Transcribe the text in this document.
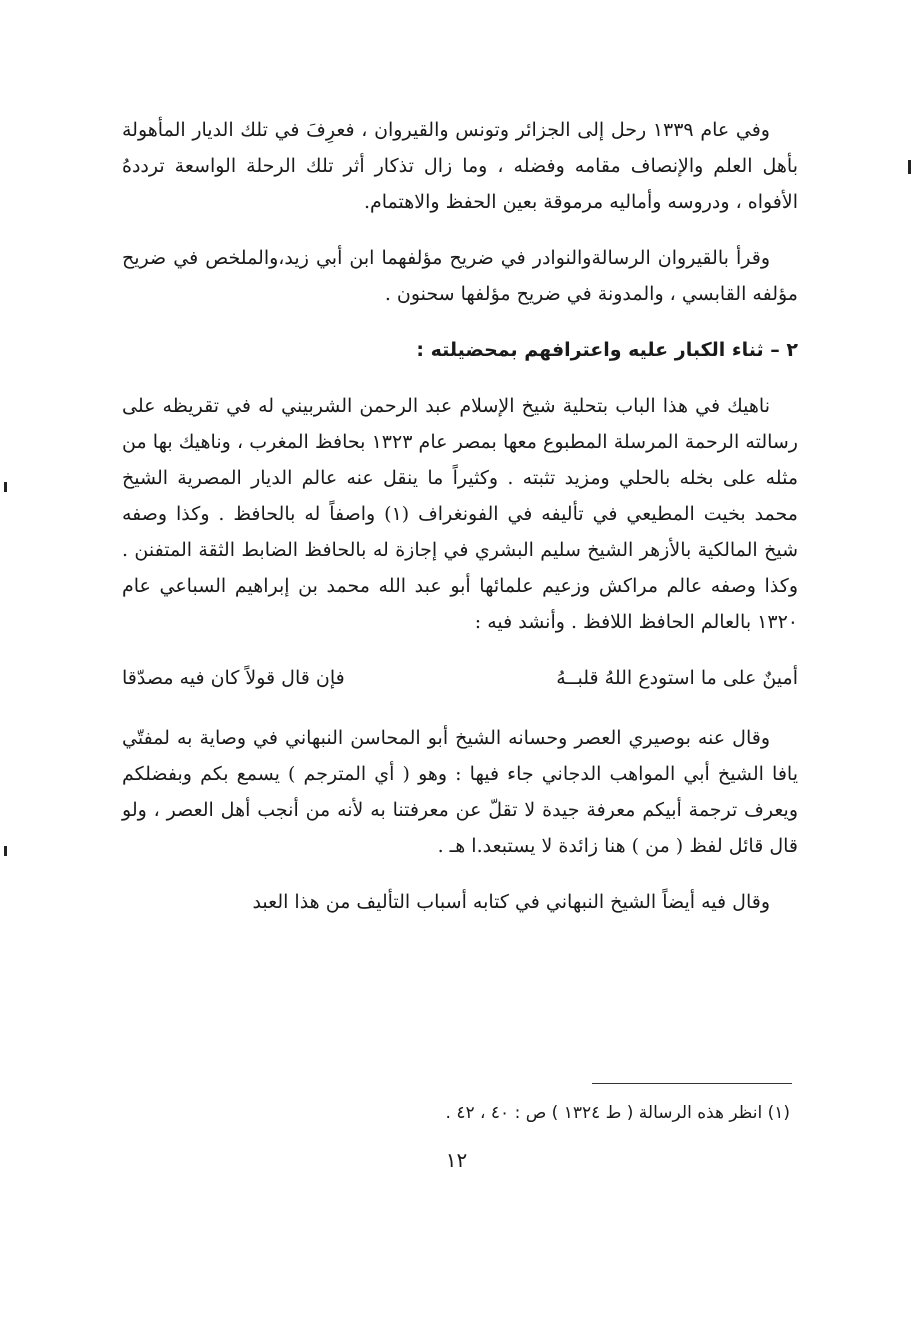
وفي عام ١٣٣٩ رحل إلى الجزائر وتونس والقيروان ، فعرِفَ في تلك الديار المأهولة بأهل العلم والإنصاف مقامه وفضله ، وما زال تذكار أثر تلك الرحلة الواسعة ترددهُ الأفواه ، ودروسه وأماليه مرموقة بعين الحفظ والاهتمام.

وقرأ بالقيروان الرسالةوالنوادر في ضريح مؤلفهما ابن أبي زيد،والملخص في ضريح مؤلفه القابسي ، والمدونة في ضريح مؤلفها سحنون .

٢ – ثناء الكبار عليه واعترافهم بمحضيلته :

ناهيك في هذا الباب بتحلية شيخ الإسلام عبد الرحمن الشربيني له في تقريظه على رسالته الرحمة المرسلة المطبوع معها بمصر عام ١٣٢٣ بحافظ المغرب ، وناهيك بها من مثله على بخله بالحلي ومزيد تثبته . وكثيراً ما ينقل عنه عالم الديار المصرية الشيخ محمد بخيت المطيعي في تأليفه في الفونغراف (١) واصفاً له بالحافظ . وكذا وصفه شيخ المالكية بالأزهر الشيخ سليم البشري في إجازة له بالحافظ الضابط الثقة المتفنن . وكذا وصفه عالم مراكش وزعيم علمائها أبو عبد الله محمد بن إبراهيم السباعي عام ١٣٢٠ بالعالم الحافظ اللافظ . وأنشد فيه :

أمينٌ على ما استودع اللهُ قلبــهُ
فإن قال قولاً كان فيه مصدّقا

وقال عنه بوصيري العصر وحسانه الشيخ أبو المحاسن النبهاني في وصاية به لمفتّي يافا الشيخ أبي المواهب الدجاني جاء فيها : وهو ( أي المترجم ) يسمع بكم وبفضلكم ويعرف ترجمة أبيكم معرفة جيدة لا تقلّ عن معرفتنا به لأنه من أنجب أهل العصر ، ولو قال قائل لفظ ( من ) هنا زائدة لا يستبعد.ا هـ .

وقال فيه أيضاً الشيخ النبهاني في كتابه أسباب التأليف من هذا العبد

(١) انظر هذه الرسالة ( ط ١٣٢٤ ) ص : ٤٠ ، ٤٢ .
١٢
